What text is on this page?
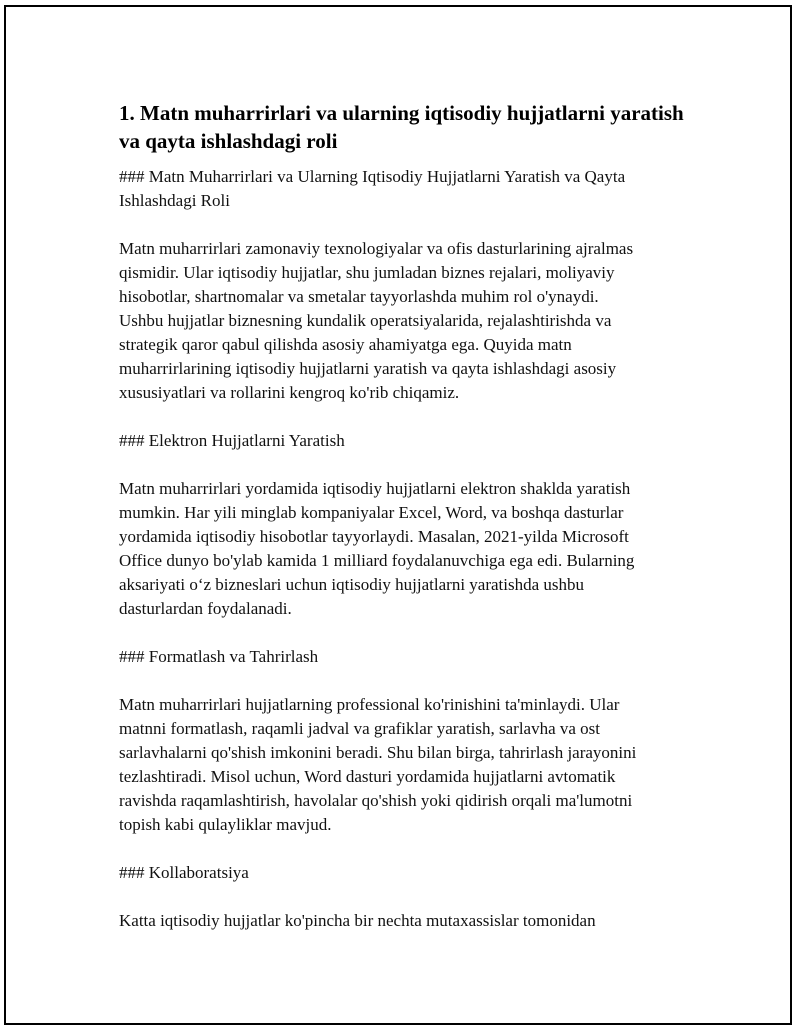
1. Matn muharrirlari va ularning iqtisodiy hujjatlarni yaratish
va qayta ishlashdagi roli
### Matn Muharrirlari va Ularning Iqtisodiy Hujjatlarni Yaratish va Qayta
Ishlashdagi Roli
Matn muharrirlari zamonaviy texnologiyalar va ofis dasturlarining ajralmas
qismidir. Ular iqtisodiy hujjatlar, shu jumladan biznes rejalari, moliyaviy
hisobotlar, shartnomalar va smetalar tayyorlashda muhim rol o'ynaydi.
Ushbu hujjatlar biznesning kundalik operatsiyalarida, rejalashtirishda va
strategik qaror qabul qilishda asosiy ahamiyatga ega. Quyida matn
muharrirlarining iqtisodiy hujjatlarni yaratish va qayta ishlashdagi asosiy
xususiyatlari va rollarini kengroq ko'rib chiqamiz.
### Elektron Hujjatlarni Yaratish
Matn muharrirlari yordamida iqtisodiy hujjatlarni elektron shaklda yaratish
mumkin. Har yili minglab kompaniyalar Excel, Word, va boshqa dasturlar
yordamida iqtisodiy hisobotlar tayyorlaydi. Masalan, 2021-yilda Microsoft
Office dunyo bo'ylab kamida 1 milliard foydalanuvchiga ega edi. Bularning
aksariyati o‘z bizneslari uchun iqtisodiy hujjatlarni yaratishda ushbu
dasturlardan foydalanadi.
### Formatlash va Tahrirlash
Matn muharrirlari hujjatlarning professional ko'rinishini ta'minlaydi. Ular
matnni formatlash, raqamli jadval va grafiklar yaratish, sarlavha va ost
sarlavhalarni qo'shish imkonini beradi. Shu bilan birga, tahrirlash jarayonini
tezlashtiradi. Misol uchun, Word dasturi yordamida hujjatlarni avtomatik
ravishda raqamlashtirish, havolalar qo'shish yoki qidirish orqali ma'lumotni
topish kabi qulayliklar mavjud.
### Kollaboratsiya
Katta iqtisodiy hujjatlar ko'pincha bir nechta mutaxassislar tomonidan
